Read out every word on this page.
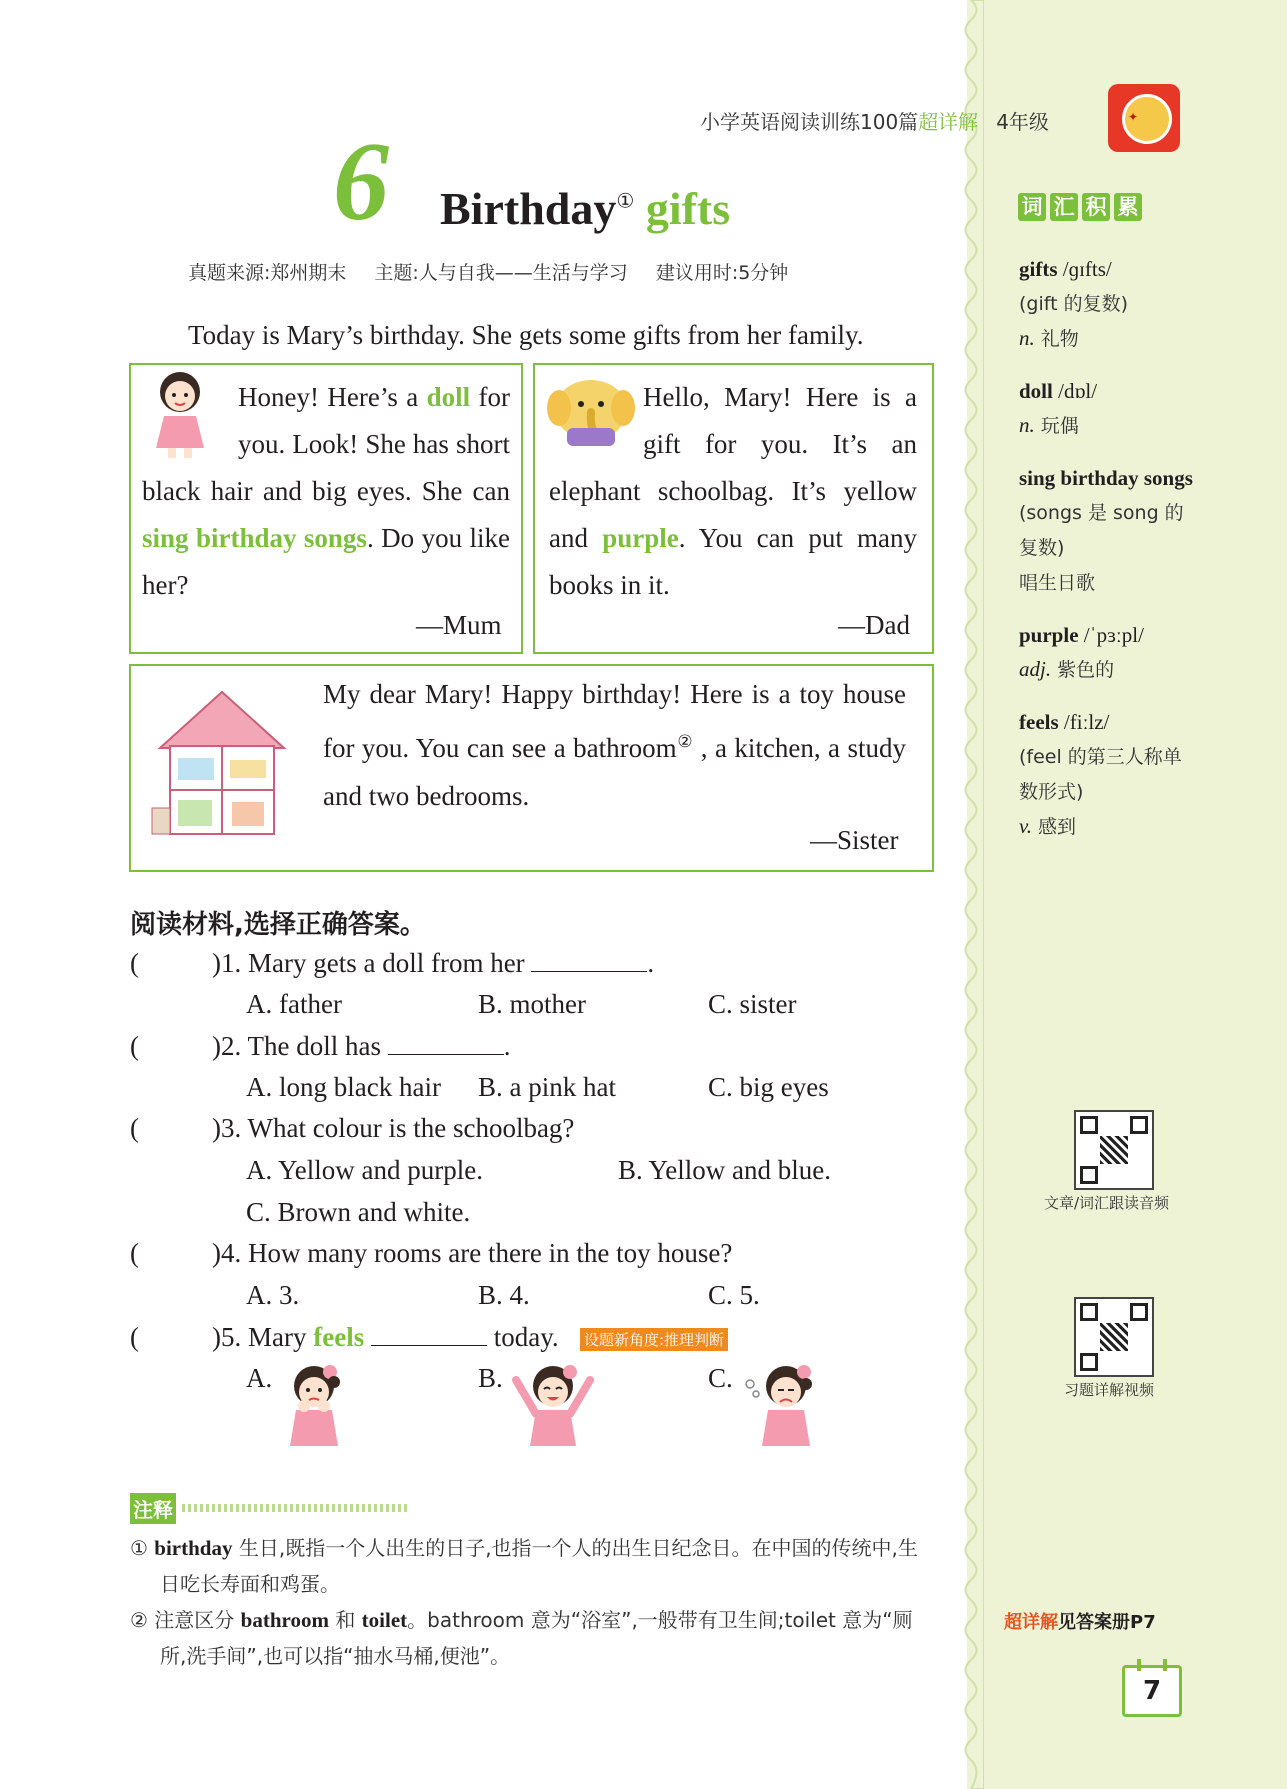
小学英语阅读训练100篇超详解 4年级	✦
6 Birthday① gifts
真题来源:郑州期末 主题:人与自我——生活与学习 建议用时:5分钟
Today is Mary’s birthday. She gets some gifts from her family.
Honey! Here’s a doll for you. Look! She has short black hair and big eyes. She can sing birthday songs. Do you like her?
—Mum
Hello, Mary! Here is a gift for you. It’s an elephant schoolbag. It’s yellow and purple. You can put many books in it.
—Dad
My dear Mary! Happy birthday! Here is a toy house for you. You can see a bathroom② , a kitchen, a study and two bedrooms.
—Sister
阅读材料,选择正确答案。
(	)1. Mary gets a doll from her	.
A. father	B. mother	C. sister
(	)2. The doll has	.
A. long black hair B. a pink hat	C. big eyes
(	)3. What colour is the schoolbag?
A. Yellow and purple.	B. Yellow and blue.
C. Brown and white.
(	)4. How many rooms are there in the toy house?
A. 3.	B. 4.	C. 5.
(	)5. Mary feels	today. 设题新角度:推理判断
A.	B.	C.
注释
① birthday 生日,既指一个人出生的日子,也指一个人的出生日纪念日。在中国的传统中,生日吃长寿面和鸡蛋。
② 注意区分 bathroom 和 toilet。bathroom 意为“浴室”,一般带有卫生间;toilet 意为“厕所,洗手间”,也可以指“抽水马桶,便池”。
词 汇 积 累
gifts /ɡɪfts/
(gift 的复数)
n. 礼物
doll /dɒl/
n. 玩偶
sing birthday songs
(songs 是 song 的复数)
唱生日歌
purple /ˈpɜːpl/
adj. 紫色的
feels /fiːlz/
(feel 的第三人称单数形式)
v. 感到
文章/词汇跟读音频
习题详解视频
超详解见答案册P7
7
